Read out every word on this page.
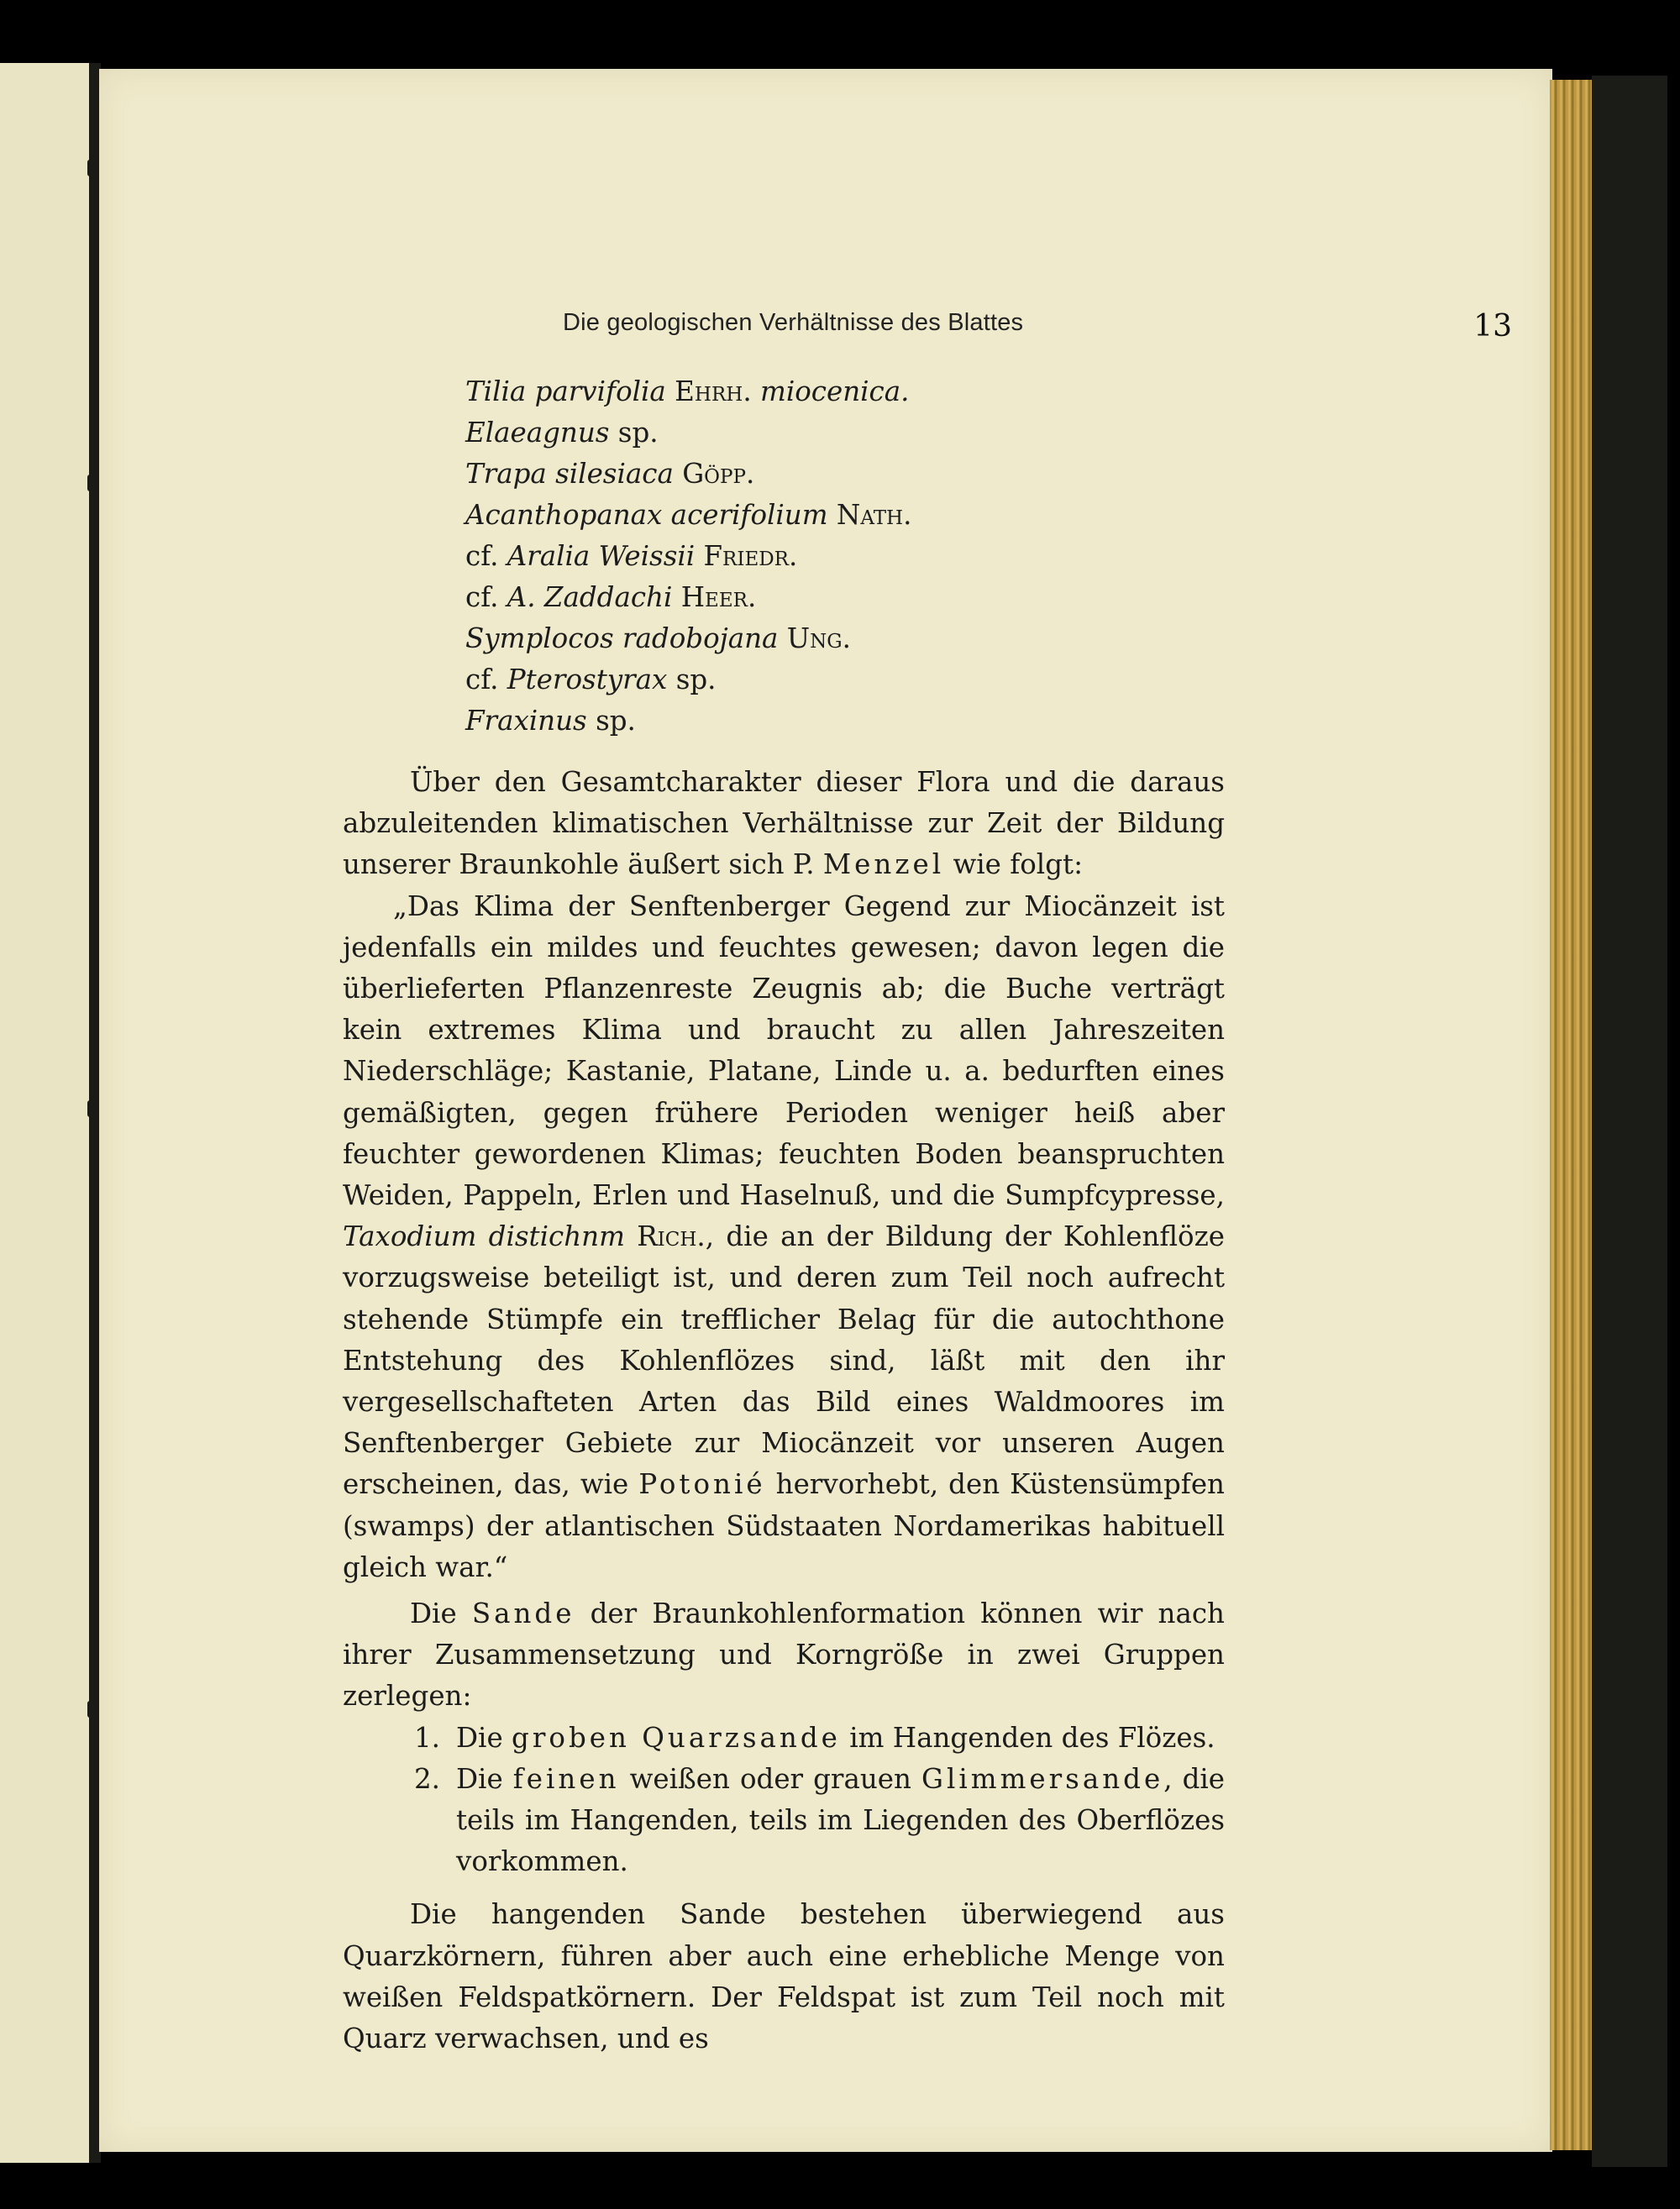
Die geologischen Verhältnisse des Blattes	13
Tilia parvifolia Ehrh. miocenica.
Elaeagnus sp.
Trapa silesiaca Göpp.
Acanthopanax acerifolium Nath.
cf. Aralia Weissii Friedr.
cf. A. Zaddachi Heer.
Symplocos radobojana Ung.
cf. Pterostyrax sp.
Fraxinus sp.

Über den Gesamtcharakter dieser Flora und die daraus abzuleitenden klimatischen Verhältnisse zur Zeit der Bildung unserer Braunkohle äußert sich P. Menzel wie folgt:

„Das Klima der Senftenberger Gegend zur Miocänzeit ist jedenfalls ein mildes und feuchtes gewesen; davon legen die überlieferten Pflanzenreste Zeugnis ab; die Buche verträgt kein extremes Klima und braucht zu allen Jahreszeiten Niederschläge; Kastanie, Platane, Linde u. a. bedurften eines gemäßigten, gegen frühere Perioden weniger heiß aber feuchter gewordenen Klimas; feuchten Boden beanspruchten Weiden, Pappeln, Erlen und Haselnuß, und die Sumpfcypresse, Taxodium distichnm Rich., die an der Bildung der Kohlenflöze vorzugsweise beteiligt ist, und deren zum Teil noch aufrecht stehende Stümpfe ein trefflicher Belag für die autochthone Entstehung des Kohlenflözes sind, läßt mit den ihr vergesellschafteten Arten das Bild eines Waldmoores im Senftenberger Gebiete zur Miocänzeit vor unseren Augen erscheinen, das, wie Potonié hervorhebt, den Küstensümpfen (swamps) der atlantischen Südstaaten Nordamerikas habituell gleich war.“

Die Sande der Braunkohlenformation können wir nach ihrer Zusammensetzung und Korngröße in zwei Gruppen zerlegen:

1. Die groben Quarzsande im Hangenden des Flözes.
2. Die feinen weißen oder grauen Glimmersande, die teils im Hangenden, teils im Liegenden des Oberflözes vorkommen.

Die hangenden Sande bestehen überwiegend aus Quarzkörnern, führen aber auch eine erhebliche Menge von weißen Feldspatkörnern. Der Feldspat ist zum Teil noch mit Quarz verwachsen, und es
